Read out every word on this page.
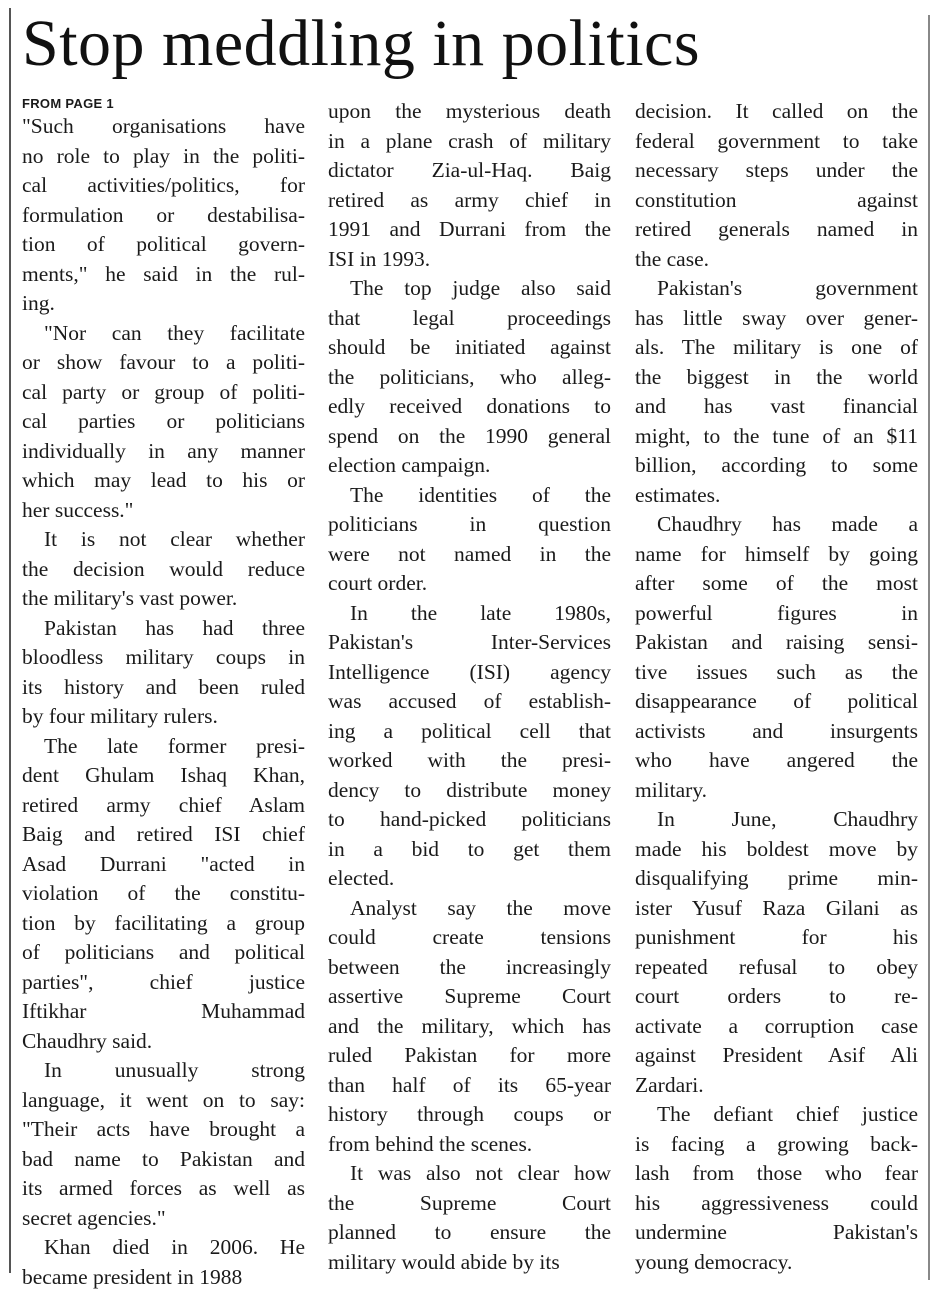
Stop meddling in politics
FROM PAGE 1
"Such organisations have
no role to play in the politi-
cal activities/politics, for
formulation or destabilisa-
tion of political govern-
ments," he said in the rul-
ing.
"Nor can they facilitate
or show favour to a politi-
cal party or group of politi-
cal parties or politicians
individually in any manner
which may lead to his or
her success."
It is not clear whether
the decision would reduce
the military's vast power.
Pakistan has had three
bloodless military coups in
its history and been ruled
by four military rulers.
The late former presi-
dent Ghulam Ishaq Khan,
retired army chief Aslam
Baig and retired ISI chief
Asad Durrani "acted in
violation of the constitu-
tion by facilitating a group
of politicians and political
parties", chief justice
Iftikhar Muhammad
Chaudhry said.
In unusually strong
language, it went on to say:
"Their acts have brought a
bad name to Pakistan and
its armed forces as well as
secret agencies."
Khan died in 2006. He
became president in 1988
upon the mysterious death
in a plane crash of military
dictator Zia-ul-Haq. Baig
retired as army chief in
1991 and Durrani from the
ISI in 1993.
The top judge also said
that legal proceedings
should be initiated against
the politicians, who alleg-
edly received donations to
spend on the 1990 general
election campaign.
The identities of the
politicians in question
were not named in the
court order.
In the late 1980s,
Pakistan's Inter-Services
Intelligence (ISI) agency
was accused of establish-
ing a political cell that
worked with the presi-
dency to distribute money
to hand-picked politicians
in a bid to get them
elected.
Analyst say the move
could create tensions
between the increasingly
assertive Supreme Court
and the military, which has
ruled Pakistan for more
than half of its 65-year
history through coups or
from behind the scenes.
It was also not clear how
the Supreme Court
planned to ensure the
military would abide by its
decision. It called on the
federal government to take
necessary steps under the
constitution against
retired generals named in
the case.
Pakistan's government
has little sway over gener-
als. The military is one of
the biggest in the world
and has vast financial
might, to the tune of an $11
billion, according to some
estimates.
Chaudhry has made a
name for himself by going
after some of the most
powerful figures in
Pakistan and raising sensi-
tive issues such as the
disappearance of political
activists and insurgents
who have angered the
military.
In June, Chaudhry
made his boldest move by
disqualifying prime min-
ister Yusuf Raza Gilani as
punishment for his
repeated refusal to obey
court orders to re-
activate a corruption case
against President Asif Ali
Zardari.
The defiant chief justice
is facing a growing back-
lash from those who fear
his aggressiveness could
undermine Pakistan's
young democracy.
